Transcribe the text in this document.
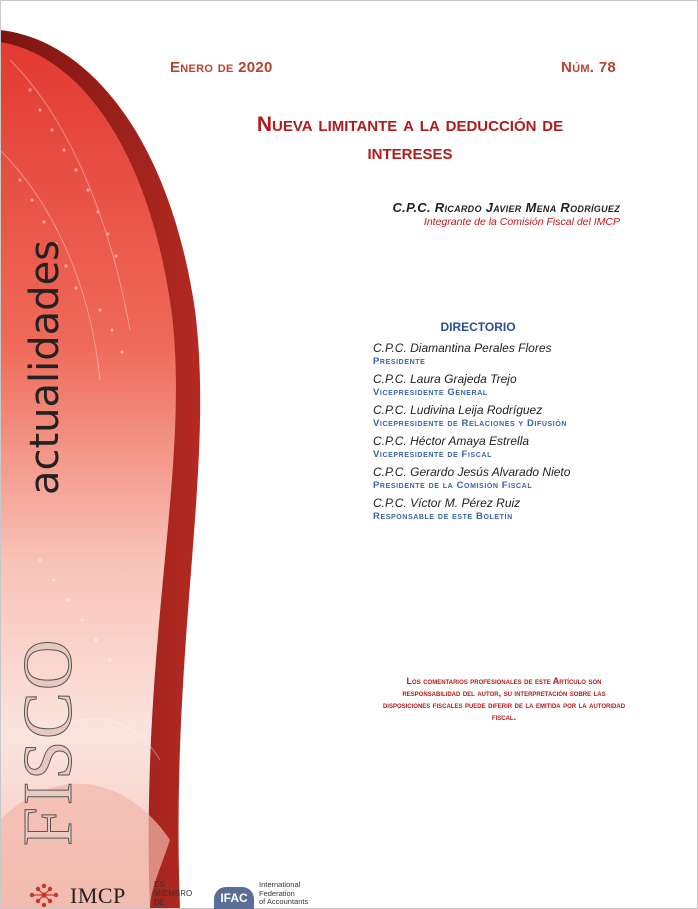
actualidades
FISCO
Enero de 2020	Núm. 78
Nueva limitante a la deducción de intereses
C.P.C. Ricardo Javier Mena Rodríguez
Integrante de la Comisión Fiscal del IMCP
DIRECTORIO
C.P.C. Diamantina Perales Flores
Presidente
C.P.C. Laura Grajeda Trejo
Vicepresidente General
C.P.C. Ludivina Leija Rodríguez
Vicepresidente de Relaciones y Difusión
C.P.C. Héctor Amaya Estrella
Vicepresidente de Fiscal
C.P.C. Gerardo Jesús Alvarado Nieto
Presidente de la Comisión Fiscal
C.P.C. Víctor M. Pérez Ruiz
Responsable de este Boletín
Los comentarios profesionales de este Artículo son responsabilidad del autor, su interpretación sobre las disposiciones fiscales puede diferir de la emitida por la autoridad fiscal.
IMCP	ES
MIEMBRO
DE	IFAC
International
Federation
of Accountants
